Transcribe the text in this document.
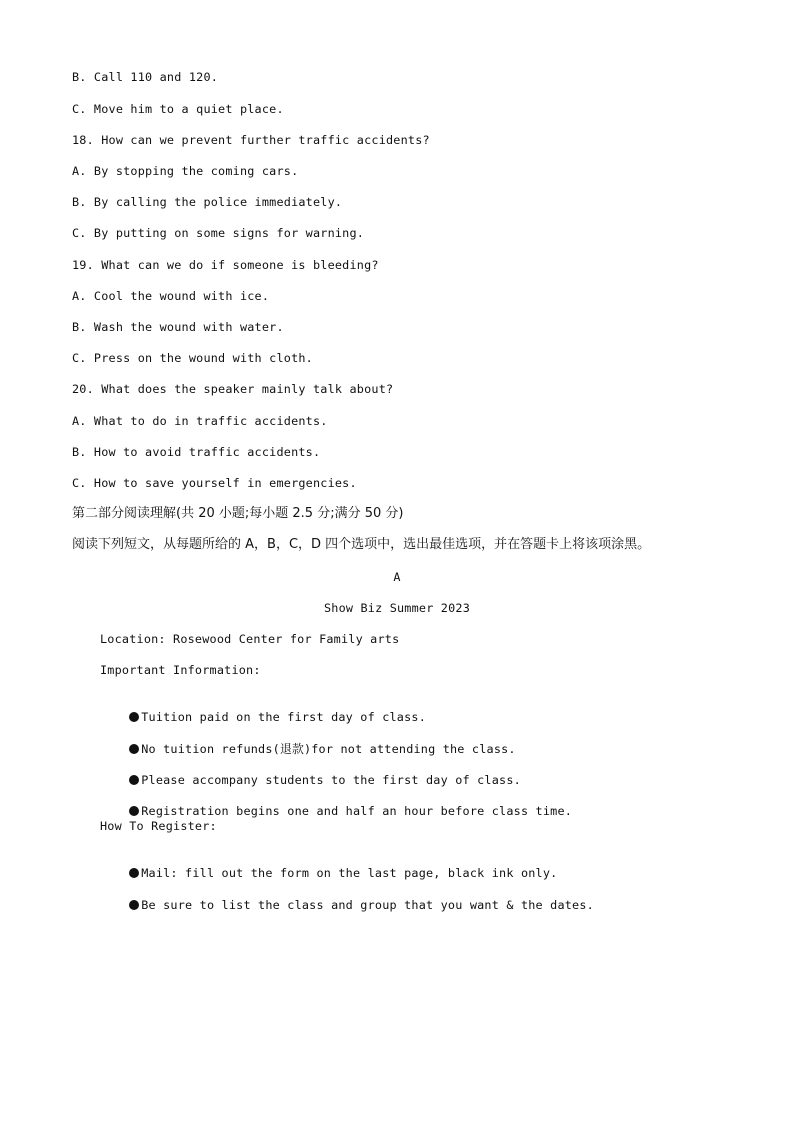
B. Call 110 and 120.
C. Move him to a quiet place.
18. How can we prevent further traffic accidents?
A. By stopping the coming cars.
B. By calling the police immediately.
C. By putting on some signs for warning.
19. What can we do if someone is bleeding?
A. Cool the wound with ice.
B. Wash the wound with water.
C. Press on the wound with cloth.
20. What does the speaker mainly talk about?
A. What to do in traffic accidents.
B. How to avoid traffic accidents.
C. How to save yourself in emergencies.
第二部分阅读理解(共 20 小题;每小题 2.5 分;满分 50 分)
阅读下列短文，从每题所给的 A，B，C，D 四个选项中，选出最佳选项，并在答题卡上将该项涂黑。
A
Show Biz Summer 2023
Location: Rosewood Center for Family arts
Important Information:

Tuition paid on the first day of class.

No tuition refunds(退款)for not attending the class.

Please accompany students to the first day of class.

Registration begins one and half an hour before class time.

How To Register:

Mail: fill out the form on the last page, black ink only.

Be sure to list the class and group that you want & the dates.
